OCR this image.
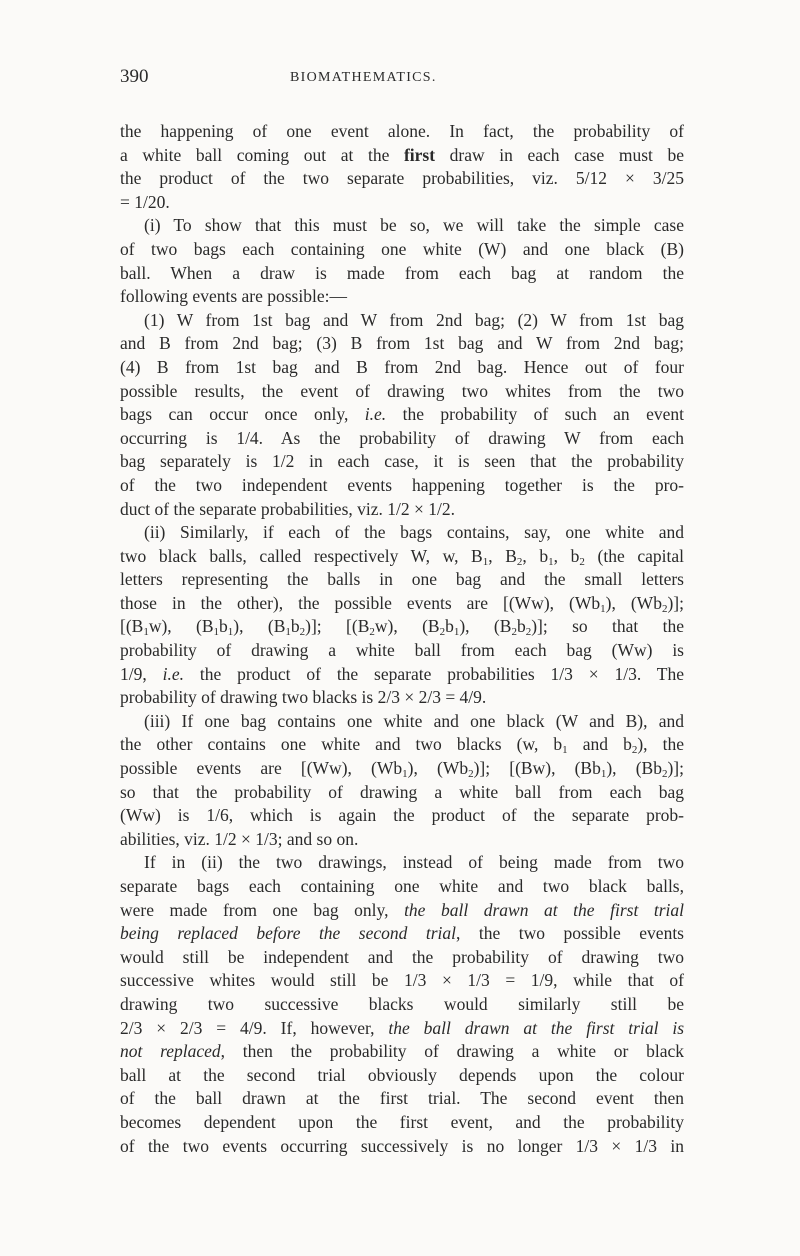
390	BIOMATHEMATICS.
the happening of one event alone. In fact, the probability of
a white ball coming out at the first draw in each case must be
the product of the two separate probabilities, viz. 5/12 × 3/25
= 1/20.
(i) To show that this must be so, we will take the simple case
of two bags each containing one white (W) and one black (B)
ball. When a draw is made from each bag at random the
following events are possible:—
(1) W from 1st bag and W from 2nd bag; (2) W from 1st bag
and B from 2nd bag; (3) B from 1st bag and W from 2nd bag;
(4) B from 1st bag and B from 2nd bag. Hence out of four
possible results, the event of drawing two whites from the two
bags can occur once only, i.e. the probability of such an event
occurring is 1/4. As the probability of drawing W from each
bag separately is 1/2 in each case, it is seen that the probability
of the two independent events happening together is the pro-
duct of the separate probabilities, viz. 1/2 × 1/2.
(ii) Similarly, if each of the bags contains, say, one white and
two black balls, called respectively W, w, $B_1$, $B_2$, $b_1$, $b_2$ (the capital
letters representing the balls in one bag and the small letters
those in the other), the possible events are [(Ww), $(Wb_1)$, $(Wb_2)$];
[$(B_1w)$, $(B_1b_1)$, $(B_1b_2)$]; [$(B_2w)$, $(B_2b_1)$, $(B_2b_2)$]; so that the
probability of drawing a white ball from each bag (Ww) is
1/9, i.e. the product of the separate probabilities 1/3 × 1/3. The
probability of drawing two blacks is 2/3 × 2/3 = 4/9.
(iii) If one bag contains one white and one black (W and B), and
the other contains one white and two blacks (w, $b_1$ and $b_2$), the
possible events are [(Ww), $(Wb_1)$, $(Wb_2)$]; [(Bw), $(Bb_1)$, $(Bb_2)$];
so that the probability of drawing a white ball from each bag
(Ww) is 1/6, which is again the product of the separate prob-
abilities, viz. 1/2 × 1/3; and so on.
If in (ii) the two drawings, instead of being made from two
separate bags each containing one white and two black balls,
were made from one bag only, the ball drawn at the first trial
being replaced before the second trial, the two possible events
would still be independent and the probability of drawing two
successive whites would still be 1/3 × 1/3 = 1/9, while that of
drawing two successive blacks would similarly still be
2/3 × 2/3 = 4/9. If, however, the ball drawn at the first trial is
not replaced, then the probability of drawing a white or black
ball at the second trial obviously depends upon the colour
of the ball drawn at the first trial. The second event then
becomes dependent upon the first event, and the probability
of the two events occurring successively is no longer 1/3 × 1/3 in
